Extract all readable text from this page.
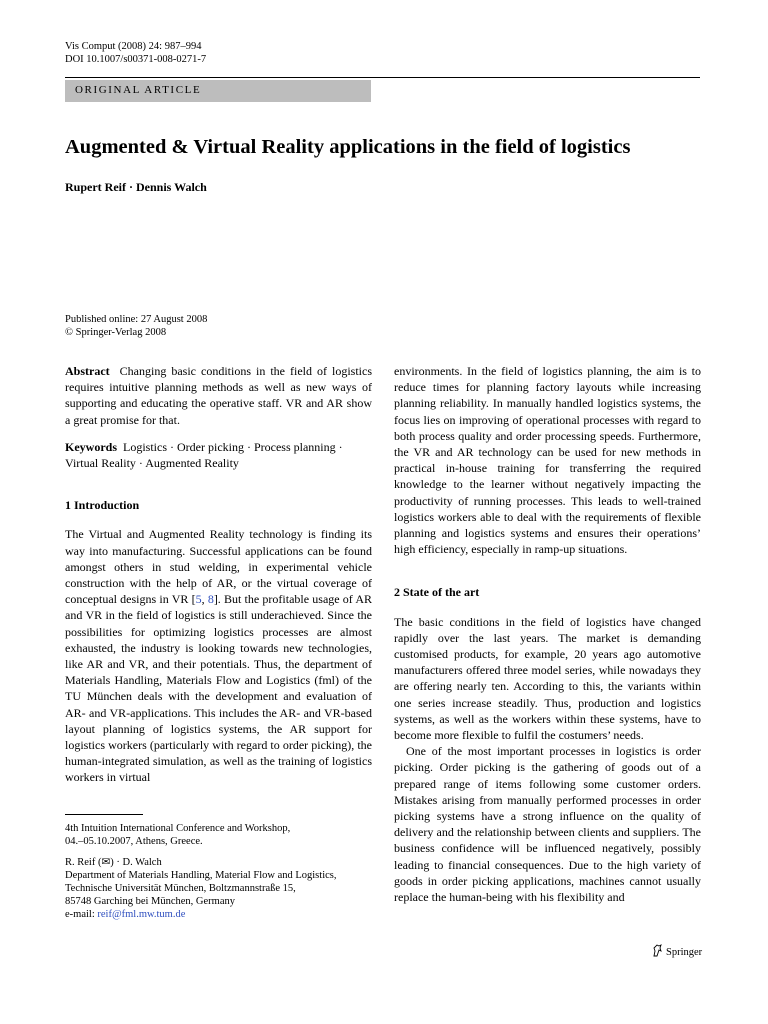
Vis Comput (2008) 24: 987–994
DOI 10.1007/s00371-008-0271-7
ORIGINAL ARTICLE
Augmented & Virtual Reality applications in the field of logistics
Rupert Reif · Dennis Walch
Published online: 27 August 2008
© Springer-Verlag 2008

Abstract Changing basic conditions in the field of logistics requires intuitive planning methods as well as new ways of supporting and educating the operative staff. VR and AR show a great promise for that.

Keywords Logistics · Order picking · Process planning · Virtual Reality · Augmented Reality

1 Introduction

The Virtual and Augmented Reality technology is finding its way into manufacturing. Successful applications can be found amongst others in stud welding, in experimental vehicle construction with the help of AR, or the virtual coverage of conceptual designs in VR [5, 8]. But the profitable usage of AR and VR in the field of logistics is still underachieved. Since the possibilities for optimizing logistics processes are almost exhausted, the industry is looking towards new technologies, like AR and VR, and their potentials. Thus, the department of Materials Handling, Materials Flow and Logistics (fml) of the TU München deals with the development and evaluation of AR- and VR-applications. This includes the AR- and VR-based layout planning of logistics systems, the AR support for logistics workers (particularly with regard to order picking), the human-integrated simulation, as well as the training of logistics workers in virtual

4th Intuition International Conference and Workshop,
04.–05.10.2007, Athens, Greece.
R. Reif (✉) · D. Walch
Department of Materials Handling, Material Flow and Logistics,
Technische Universität München, Boltzmannstraße 15,
85748 Garching bei München, Germany
e-mail: reif@fml.mw.tum.de

environments. In the field of logistics planning, the aim is to reduce times for planning factory layouts while increasing planning reliability. In manually handled logistics systems, the focus lies on improving of operational processes with regard to both process quality and order processing speeds. Furthermore, the VR and AR technology can be used for new methods in practical in-house training for transferring the required knowledge to the learner without negatively impacting the productivity of running processes. This leads to well-trained logistics workers able to deal with the requirements of flexible planning and logistics systems and ensures their operations’ high efficiency, especially in ramp-up situations.

2 State of the art

The basic conditions in the field of logistics have changed rapidly over the last years. The market is demanding customised products, for example, 20 years ago automotive manufacturers offered three model series, while nowadays they are offering nearly ten. According to this, the variants within one series increase steadily. Thus, production and logistics systems, as well as the workers within these systems, have to become more flexible to fulfil the costumers’ needs.

One of the most important processes in logistics is order picking. Order picking is the gathering of goods out of a prepared range of items following some customer orders. Mistakes arising from manually performed processes in order picking systems have a strong influence on the quality of delivery and the relationship between clients and suppliers. The business confidence will be influenced negatively, possibly leading to financial consequences. Due to the high variety of goods in order picking applications, machines cannot usually replace the human-being with his flexibility and

Springer
